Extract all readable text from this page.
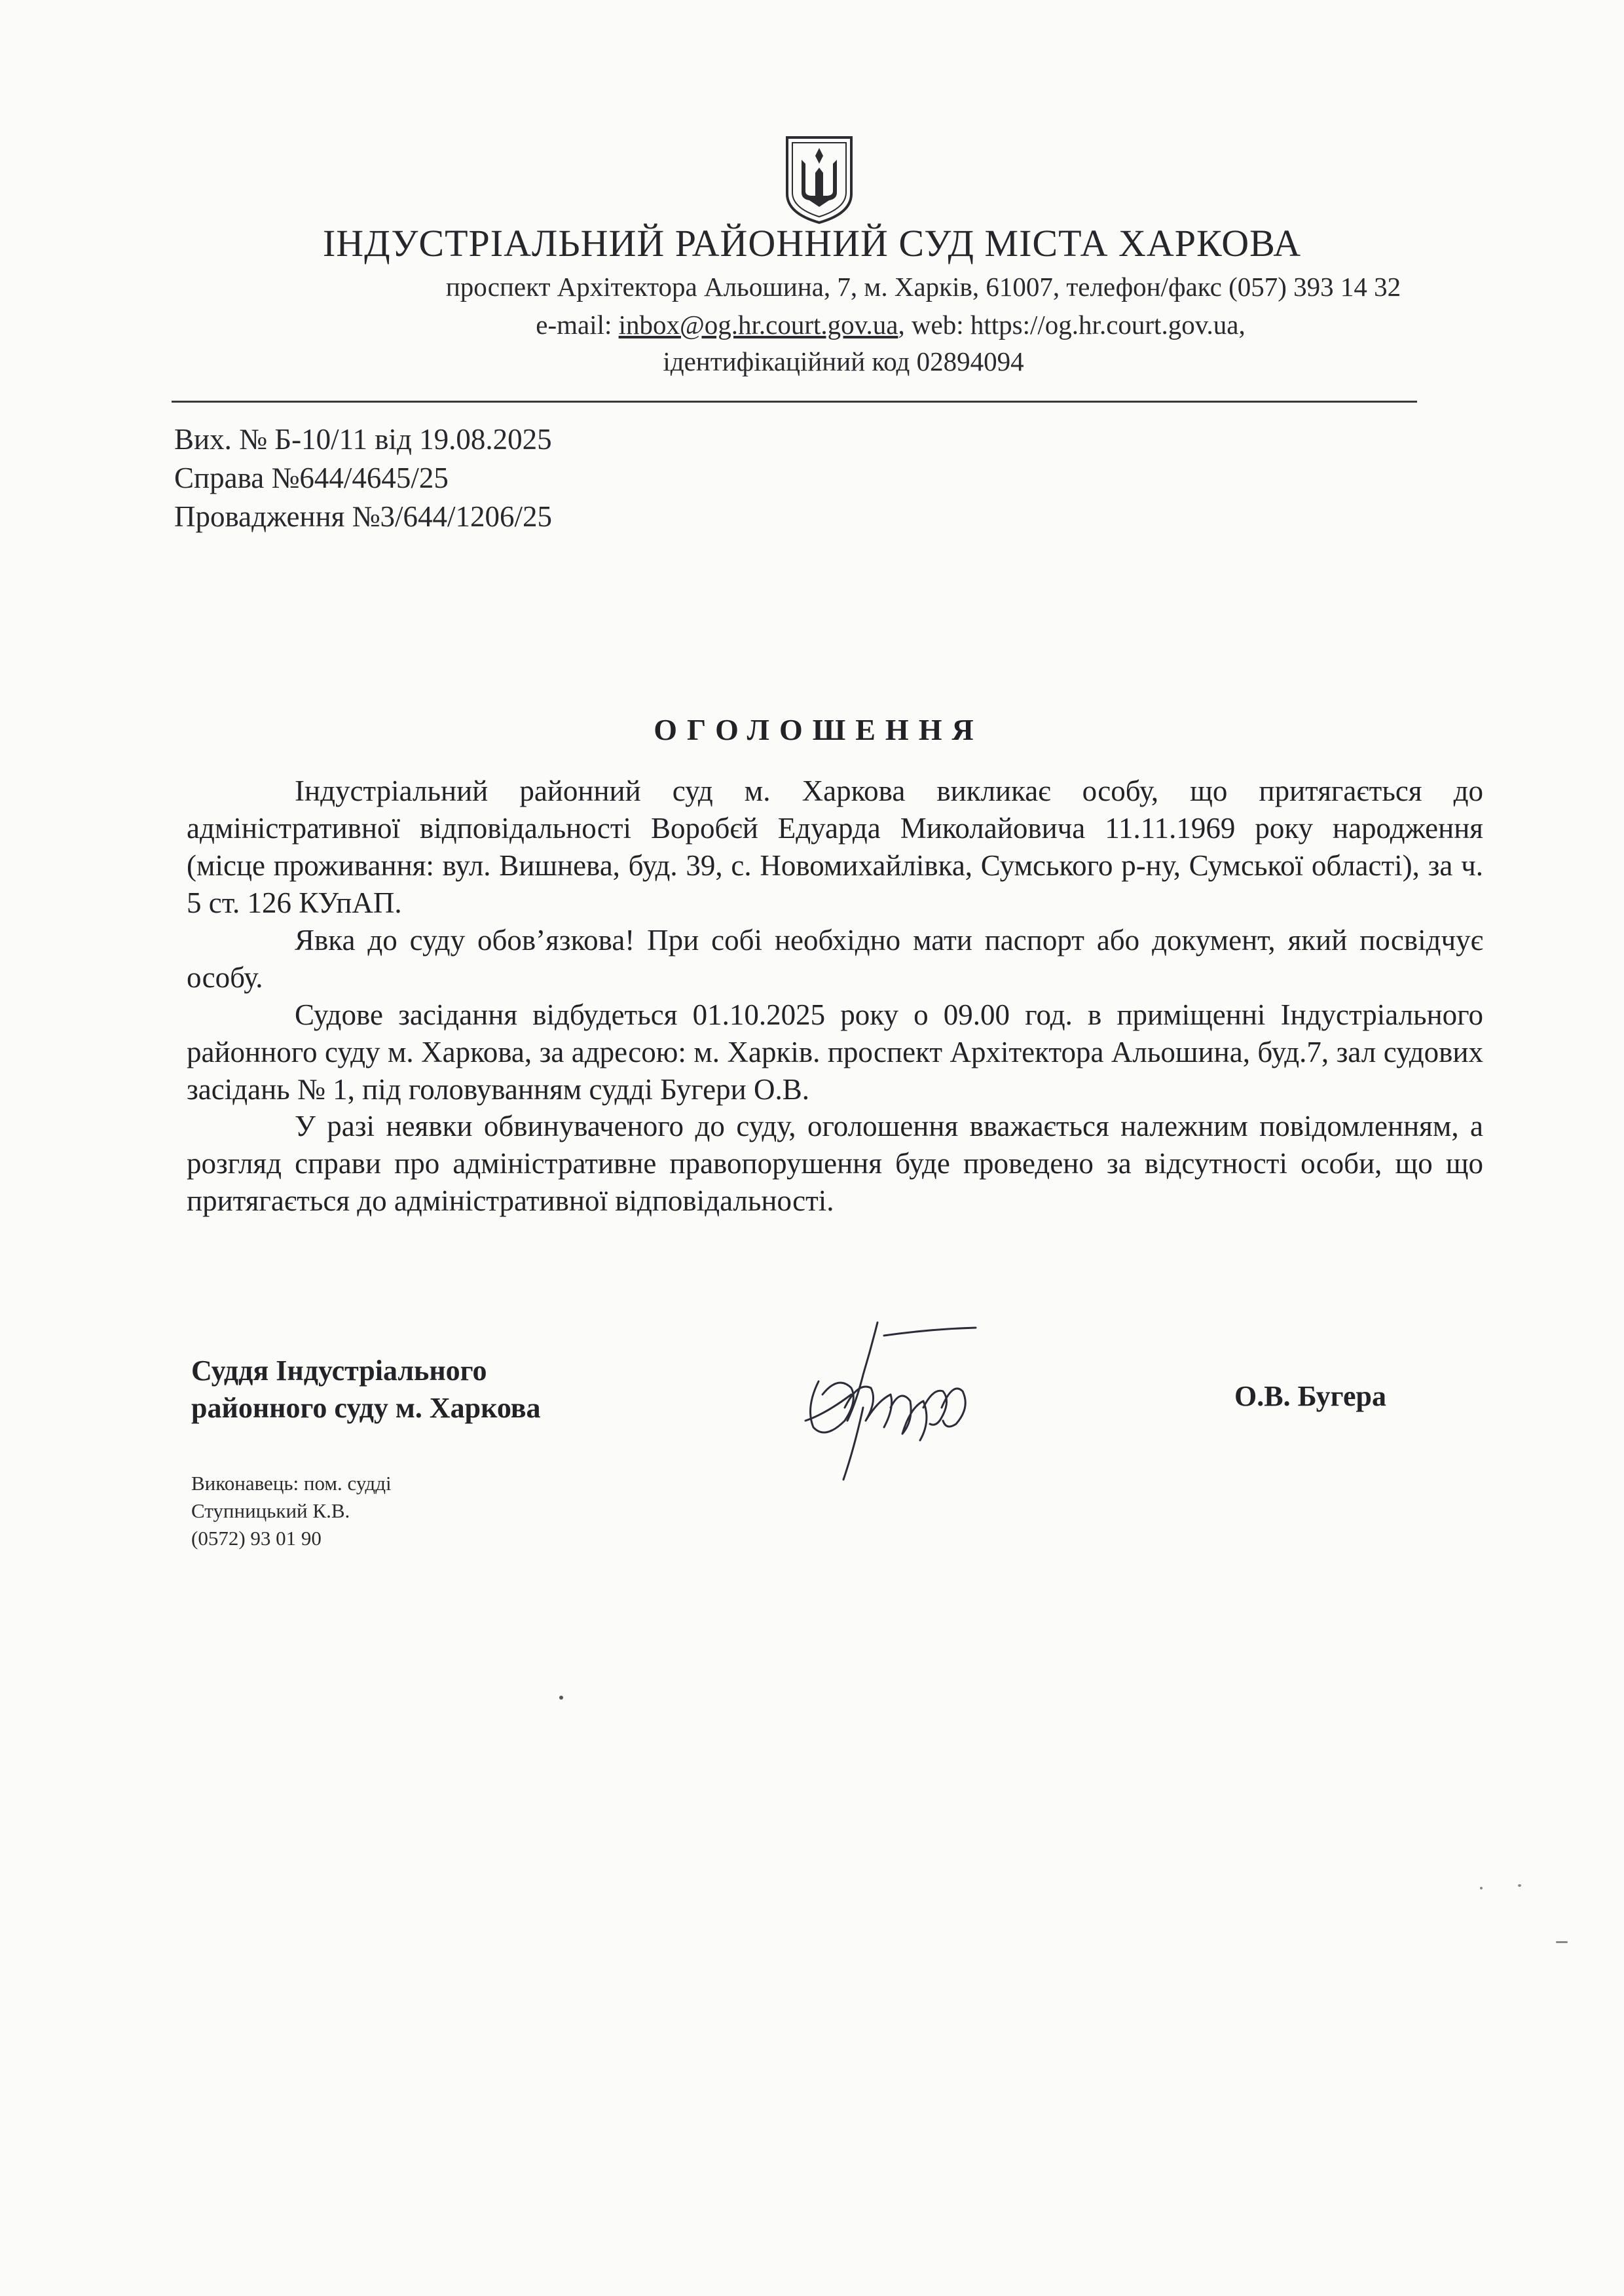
ІНДУСТРІАЛЬНИЙ РАЙОННИЙ СУД МІСТА ХАРКОВА
проспект Архітектора Альошина, 7, м. Харків, 61007, телефон/факс (057) 393 14 32
e-mail: inbox@og.hr.court.gov.ua, web: https://og.hr.court.gov.ua,
ідентифікаційний код 02894094
Вих. № Б-10/11 від 19.08.2025
Справа №644/4645/25
Провадження №3/644/1206/25
ОГОЛОШЕННЯ
Індустріальний районний суд м. Харкова викликає особу, що притягається до адміністративної відповідальності Воробєй Едуарда Миколайовича 11.11.1969 року народження (місце проживання: вул. Вишнева, буд. 39, с. Новомихайлівка, Сумського р-ну, Сумської області), за ч. 5 ст. 126 КУпАП.
Явка до суду обов’язкова! При собі необхідно мати паспорт або документ, який посвідчує особу.
Судове засідання відбудеться 01.10.2025 року о 09.00 год. в приміщенні Індустріального районного суду м. Харкова, за адресою: м. Харків. проспект Архітектора Альошина, буд.7, зал судових засідань № 1, під головуванням судді Бугери О.В.
У разі неявки обвинуваченого до суду, оголошення вважається належним повідомленням, а розгляд справи про адміністративне правопорушення буде проведено за відсутності особи, що що притягається до адміністративної відповідальності.
Суддя Індустріального
районного суду м. Харкова	О.В. Бугера
Виконавець: пом. судді
Ступницький К.В.
(0572) 93 01 90
